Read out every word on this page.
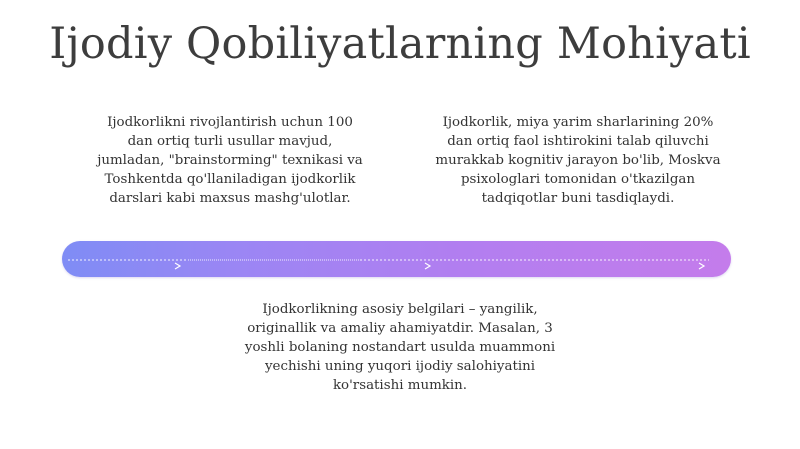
Ijodiy Qobiliyatlarning Mohiyati
Ijodkorlikni rivojlantirish uchun 100
dan ortiq turli usullar mavjud,
jumladan, "brainstorming" texnikasi va
Toshkentda qo'llaniladigan ijodkorlik
darslari kabi maxsus mashg'ulotlar.
Ijodkorlik, miya yarim sharlarining 20%
dan ortiq faol ishtirokini talab qiluvchi
murakkab kognitiv jarayon bo'lib, Moskva
psixologlari tomonidan o'tkazilgan
tadqiqotlar buni tasdiqlaydi.
Ijodkorlikning asosiy belgilari – yangilik,
originallik va amaliy ahamiyatdir. Masalan, 3
yoshli bolaning nostandart usulda muammoni
yechishi uning yuqori ijodiy salohiyatini
ko'rsatishi mumkin.
